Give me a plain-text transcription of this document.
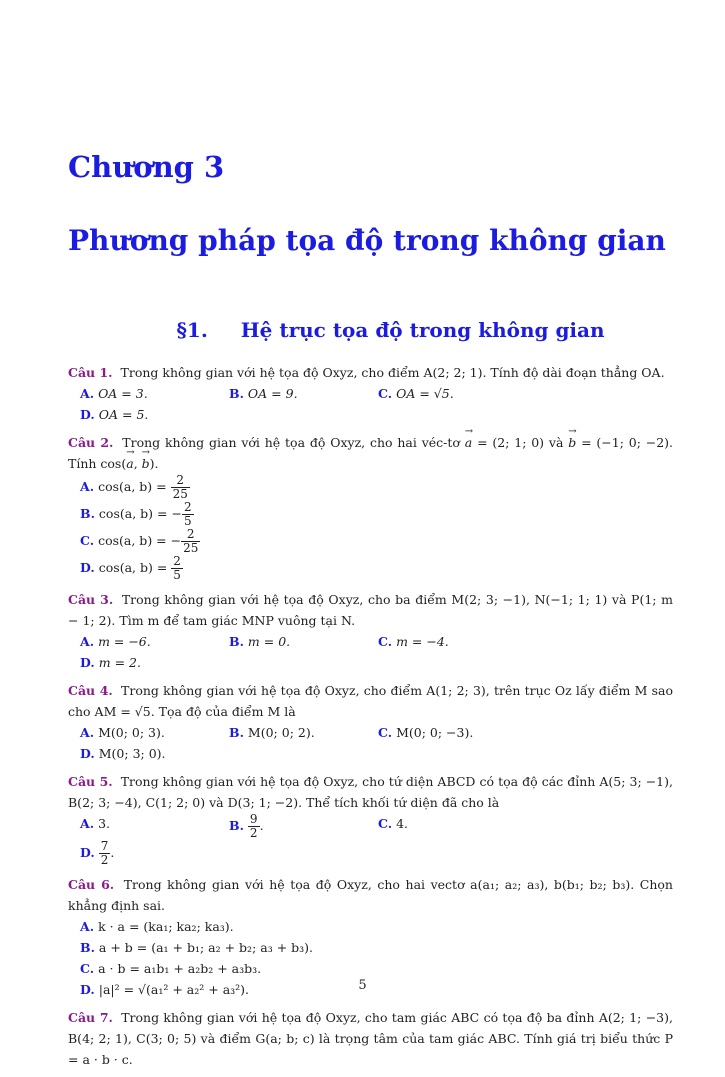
Chương 3
Phương pháp tọa độ trong không gian
§1. Hệ trục tọa độ trong không gian
Câu 1. Trong không gian với hệ tọa độ Oxyz, cho điểm A(2; 2; 1). Tính độ dài đoạn thẳng OA.
A. OA = 3.	B. OA = 9.	C. OA = √5.
D. OA = 5.
Câu 2. Trong không gian với hệ tọa độ Oxyz, cho hai véc-tơ → a = (2; 1; 0) và → b = (−1; 0; −2). Tính cos(→ a, → b).
A. cos(a, $b) = \frac{2}{25}$
B. cos(a, b) = − $\frac{2}{5}$
C. cos(a, b) = − $\frac{2}{25}$
D. cos(a, $b) = \frac{2}{5}$
Câu 3. Trong không gian với hệ tọa độ Oxyz, cho ba điểm M(2; 3; −1), N(−1; 1; 1) và P(1; m − 1; 2). Tìm m để tam giác MNP vuông tại N.
A. m = −6.	B. m = 0.	C. m = −4.
D. m = 2.
Câu 4. Trong không gian với hệ tọa độ Oxyz, cho điểm A(1; 2; 3), trên trục Oz lấy điểm M sao cho AM = √5. Tọa độ của điểm M là
A. M(0; 0; 3).	B. M(0; 0; 2).	C. M(0; 0; −3).
D. M(0; 3; 0).
Câu 5. Trong không gian với hệ tọa độ Oxyz, cho tứ diện ABCD có tọa độ các đỉnh A(5; 3; −1), B(2; 3; −4), C(1; 2; 0) và D(3; 1; −2). Thể tích khối tứ diện đã cho là
A. 3.	B. $\frac{9}{2}$ .	C. 4.
D. $\frac{7}{2}$ .
Câu 6. Trong không gian với hệ tọa độ Oxyz, cho hai vectơ a(a₁; a₂; a₃), b(b₁; b₂; b₃). Chọn khẳng định sai.
A. k · a = (ka₁; ka₂; ka₃).
B. a + b = (a₁ + b₁; a₂ + b₂; a₃ + b₃).
C. a · b = a₁b₁ + a₂b₂ + a₃b₃.
D. |a|² = √(a₁² + a₂² + a₃²).
Câu 7. Trong không gian với hệ tọa độ Oxyz, cho tam giác ABC có tọa độ ba đỉnh A(2; 1; −3), B(4; 2; 1), C(3; 0; 5) và điểm G(a; b; c) là trọng tâm của tam giác ABC. Tính giá trị biểu thức P = a · b · c.
5
